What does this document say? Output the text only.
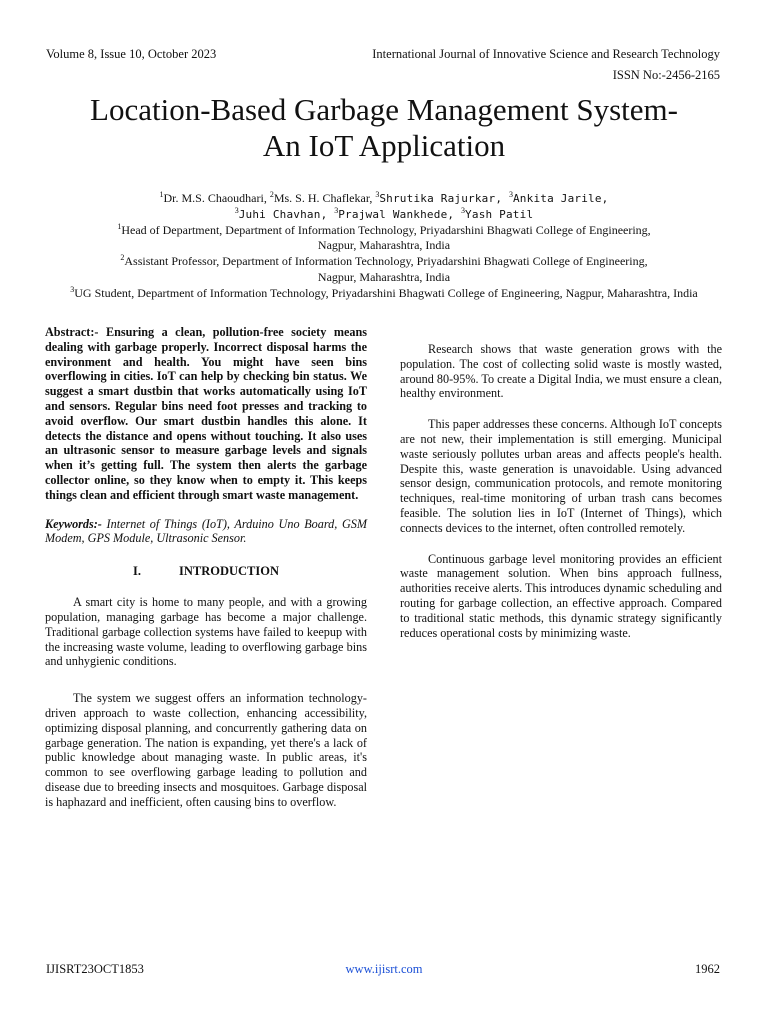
Volume 8, Issue 10, October 2023	International Journal of Innovative Science and Research Technology
ISSN No:-2456-2165
Location-Based Garbage Management System-
An IoT Application
$^1$Dr. M.S. Chaoudhari, $^2$Ms. S. H. Chaflekar, $^3$Shrutika Rajurkar, $^3$Ankita Jarile,
$^3$Juhi Chavhan, $^3$Prajwal Wankhede, $^3$Yash Patil
$^1$Head of Department, Department of Information Technology, Priyadarshini Bhagwati College of Engineering,
Nagpur, Maharashtra, India
$^2$Assistant Professor, Department of Information Technology, Priyadarshini Bhagwati College of Engineering,
Nagpur, Maharashtra, India
$^3$UG Student, Department of Information Technology, Priyadarshini Bhagwati College of Engineering, Nagpur, Maharashtra, India

Abstract:- Ensuring a clean, pollution-free society means dealing with garbage properly. Incorrect disposal harms the environment and health. You might have seen bins overflowing in cities. IoT can help by checking bin status. We suggest a smart dustbin that works automatically using IoT and sensors. Regular bins need foot presses and tracking to avoid overflow. Our smart dustbin handles this alone. It detects the distance and opens without touching. It also uses an ultrasonic sensor to measure garbage levels and signals when it’s getting full. The system then alerts the garbage collector online, so they know when to empty it. This keeps things clean and efficient through smart waste management.

Keywords:- Internet of Things (IoT), Arduino Uno Board, GSM Modem, GPS Module, Ultrasonic Sensor.

I.	INTRODUCTION

A smart city is home to many people, and with a growing population, managing garbage has become a major challenge. Traditional garbage collection systems have failed to keepup with the increasing waste volume, leading to overflowing garbage bins and unhygienic conditions.

The system we suggest offers an information technology-driven approach to waste collection, enhancing accessibility, optimizing disposal planning, and concurrently gathering data on garbage generation. The nation is expanding, yet there's a lack of public knowledge about managing waste. In public areas, it's common to see overflowing garbage leading to pollution and disease due to breeding insects and mosquitoes. Garbage disposal is haphazard and inefficient, often causing bins to overflow.

Research shows that waste generation grows with the population. The cost of collecting solid waste is mostly wasted, around 80-95%. To create a Digital India, we must ensure a clean, healthy environment.

This paper addresses these concerns. Although IoT concepts are not new, their implementation is still emerging. Municipal waste seriously pollutes urban areas and affects people's health. Despite this, waste generation is unavoidable. Using advanced sensor design, communication protocols, and remote monitoring techniques, real-time monitoring of urban trash cans becomes feasible. The solution lies in IoT (Internet of Things), which connects devices to the internet, often controlled remotely.

Continuous garbage level monitoring provides an efficient waste management solution. When bins approach fullness, authorities receive alerts. This introduces dynamic scheduling and routing for garbage collection, an effective approach. Compared to traditional static methods, this dynamic strategy significantly reduces operational costs by minimizing waste.

IJISRT23OCT1853	www.ijisrt.com	1962
